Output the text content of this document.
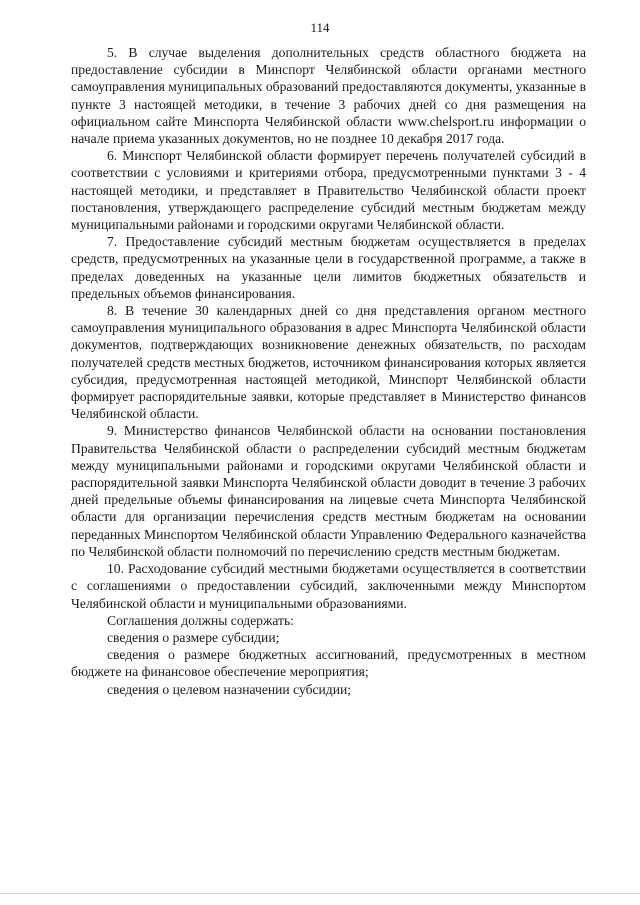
114

5. В случае выделения дополнительных средств областного бюджета на предоставление субсидии в Минспорт Челябинской области органами местного самоуправления муниципальных образований предоставляются документы, указанные в пункте 3 настоящей методики, в течение 3 рабочих дней со дня размещения на официальном сайте Минспорта Челябинской области www.chelsport.ru информации о начале приема указанных документов, но не позднее 10 декабря 2017 года.

6. Минспорт Челябинской области формирует перечень получателей субсидий в соответствии с условиями и критериями отбора, предусмотренными пунктами 3 - 4 настоящей методики, и представляет в Правительство Челябинской области проект постановления, утверждающего распределение субсидий местным бюджетам между муниципальными районами и городскими округами Челябинской области.

7. Предоставление субсидий местным бюджетам осуществляется в пределах средств, предусмотренных на указанные цели в государственной программе, а также в пределах доведенных на указанные цели лимитов бюджетных обязательств и предельных объемов финансирования.

8. В течение 30 календарных дней со дня представления органом местного самоуправления муниципального образования в адрес Минспорта Челябинской области документов, подтверждающих возникновение денежных обязательств, по расходам получателей средств местных бюджетов, источником финансирования которых является субсидия, предусмотренная настоящей методикой, Минспорт Челябинской области формирует распорядительные заявки, которые представляет в Министерство финансов Челябинской области.

9. Министерство финансов Челябинской области на основании постановления Правительства Челябинской области о распределении субсидий местным бюджетам между муниципальными районами и городскими округами Челябинской области и распорядительной заявки Минспорта Челябинской области доводит в течение 3 рабочих дней предельные объемы финансирования на лицевые счета Минспорта Челябинской области для организации перечисления средств местным бюджетам на основании переданных Минспортом Челябинской области Управлению Федерального казначейства по Челябинской области полномочий по перечислению средств местным бюджетам.

10. Расходование субсидий местными бюджетами осуществляется в соответствии с соглашениями о предоставлении субсидий, заключенными между Минспортом Челябинской области и муниципальными образованиями.

Соглашения должны содержать:

сведения о размере субсидии;

сведения о размере бюджетных ассигнований, предусмотренных в местном бюджете на финансовое обеспечение мероприятия;

сведения о целевом назначении субсидии;
